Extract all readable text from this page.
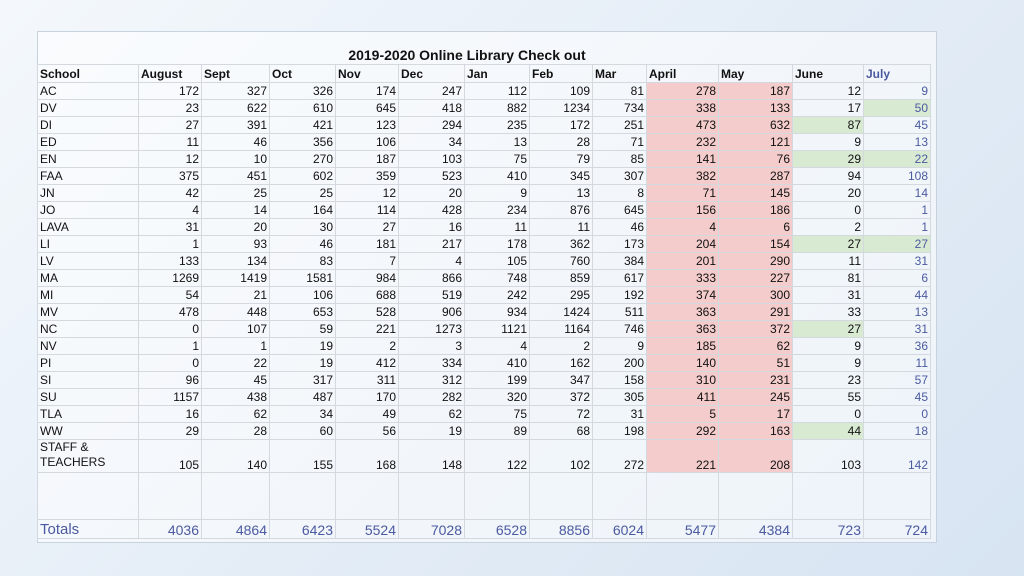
2019-2020 Online Library Check out
School	August	Sept	Oct	Nov	Dec	Jan	Feb	Mar	April	May	June	July
AC	172	327	326	174	247	112	109	81	278	187	12	9
DV	23	622	610	645	418	882	1234	734	338	133	17	50
DI	27	391	421	123	294	235	172	251	473	632	87	45
ED	11	46	356	106	34	13	28	71	232	121	9	13
EN	12	10	270	187	103	75	79	85	141	76	29	22
FAA	375	451	602	359	523	410	345	307	382	287	94	108
JN	42	25	25	12	20	9	13	8	71	145	20	14
JO	4	14	164	114	428	234	876	645	156	186	0	1
LAVA	31	20	30	27	16	11	11	46	4	6	2	1
LI	1	93	46	181	217	178	362	173	204	154	27	27
LV	133	134	83	7	4	105	760	384	201	290	11	31
MA	1269	1419	1581	984	866	748	859	617	333	227	81	6
MI	54	21	106	688	519	242	295	192	374	300	31	44
MV	478	448	653	528	906	934	1424	511	363	291	33	13
NC	0	107	59	221	1273	1121	1164	746	363	372	27	31
NV	1	1	19	2	3	4	2	9	185	62	9	36
PI	0	22	19	412	334	410	162	200	140	51	9	11
SI	96	45	317	311	312	199	347	158	310	231	23	57
SU	1157	438	487	170	282	320	372	305	411	245	55	45
TLA	16	62	34	49	62	75	72	31	5	17	0	0
WW	29	28	60	56	19	89	68	198	292	163	44	18

STAFF &
TEACHERS	105	140	155	168	148	122	102	272	221	208	103	142

Totals	4036	4864	6423	5524	7028	6528	8856	6024	5477	4384	723	724
